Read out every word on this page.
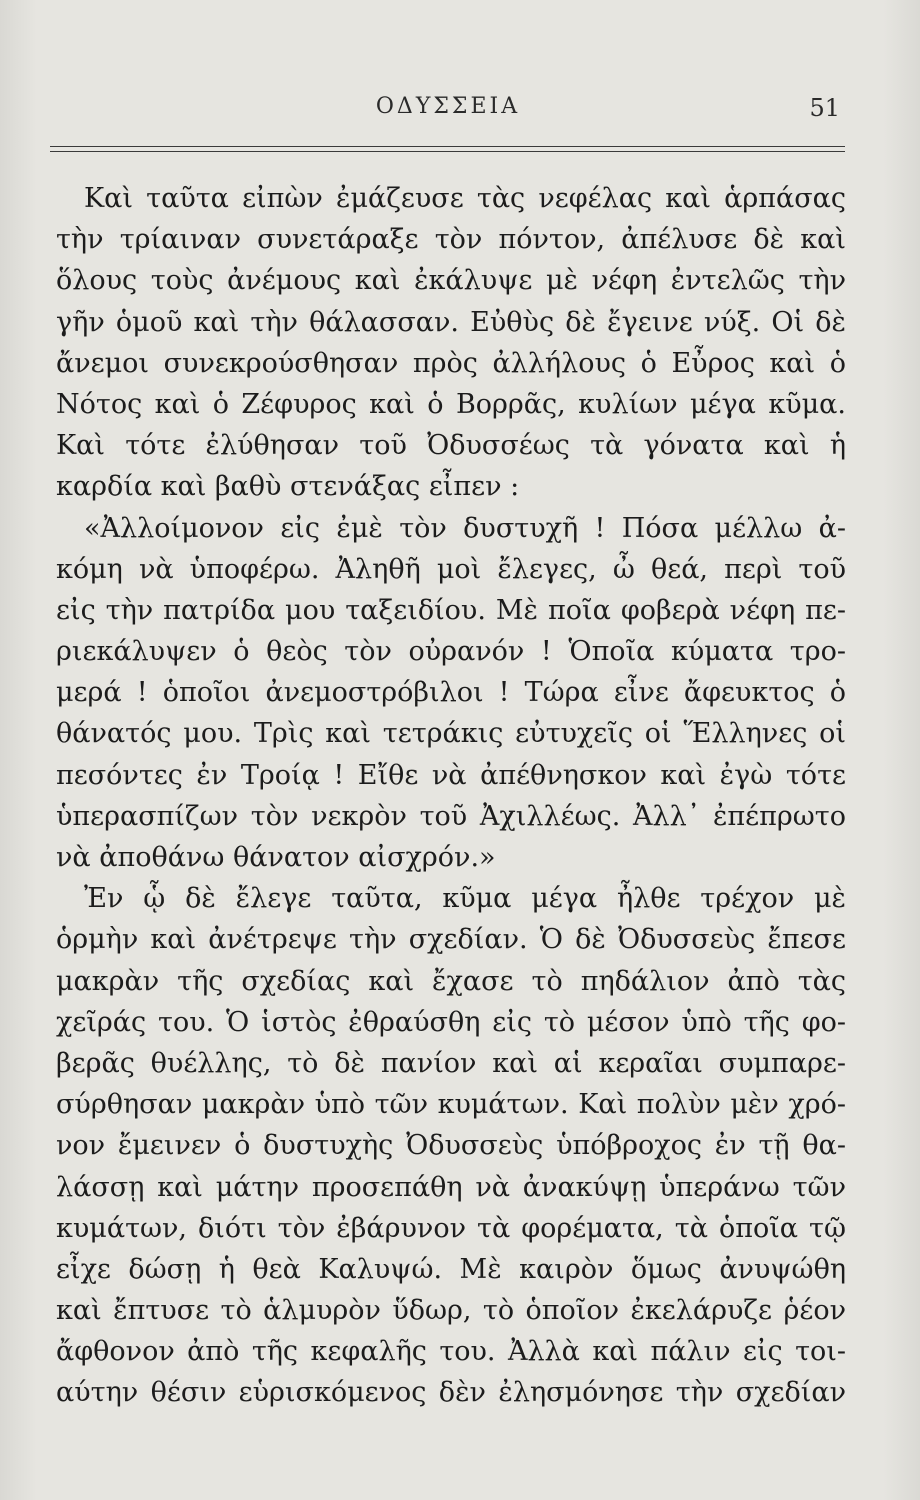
ΟΔΥΣΣΕΙΑ	51
Καὶ ταῦτα εἰπὼν ἐμάζευσε τὰς νεφέλας καὶ ἁρπάσας
τὴν τρίαιναν συνετάραξε τὸν πόντον, ἀπέλυσε δὲ καὶ
ὅλους τοὺς ἀνέμους καὶ ἐκάλυψε μὲ νέφη ἐντελῶς τὴν
γῆν ὁμοῦ καὶ τὴν θάλασσαν. Εὐθὺς δὲ ἔγεινε νύξ. Οἱ δὲ
ἄνεμοι συνεκρούσθησαν πρὸς ἀλλήλους ὁ Εὖρος καὶ ὁ
Νότος καὶ ὁ Ζέφυρος καὶ ὁ Βορρᾶς, κυλίων μέγα κῦμα.
Καὶ τότε ἐλύθησαν τοῦ Ὀδυσσέως τὰ γόνατα καὶ ἡ
καρδία καὶ βαθὺ στενάξας εἶπεν :
«Ἀλλοίμονον εἰς ἐμὲ τὸν δυστυχῆ ! Πόσα μέλλω ἀ-
κόμη νὰ ὑποφέρω. Ἀληθῆ μοὶ ἔλεγες, ὦ θεά, περὶ τοῦ
εἰς τὴν πατρίδα μου ταξειδίου. Μὲ ποῖα φοβερὰ νέφη πε-
ριεκάλυψεν ὁ θεὸς τὸν οὐρανόν ! Ὁποῖα κύματα τρο-
μερά ! ὁποῖοι ἀνεμοστρόβιλοι ! Τώρα εἶνε ἄφευκτος ὁ
θάνατός μου. Τρὶς καὶ τετράκις εὐτυχεῖς οἱ Ἕλληνες οἱ
πεσόντες ἐν Τροίᾳ ! Εἴθε νὰ ἀπέθνησκον καὶ ἐγὼ τότε
ὑπερασπίζων τὸν νεκρὸν τοῦ Ἀχιλλέως. Ἀλλ᾽ ἐπέπρωτο
νὰ ἀποθάνω θάνατον αἰσχρόν.»
Ἐν ᾧ δὲ ἔλεγε ταῦτα, κῦμα μέγα ἦλθε τρέχον μὲ
ὁρμὴν καὶ ἀνέτρεψε τὴν σχεδίαν. Ὁ δὲ Ὀδυσσεὺς ἔπεσε
μακρὰν τῆς σχεδίας καὶ ἔχασε τὸ πηδάλιον ἀπὸ τὰς
χεῖράς του. Ὁ ἱστὸς ἐθραύσθη εἰς τὸ μέσον ὑπὸ τῆς φο-
βερᾶς θυέλλης, τὸ δὲ πανίον καὶ αἱ κεραῖαι συμπαρε-
σύρθησαν μακρὰν ὑπὸ τῶν κυμάτων. Καὶ πολὺν μὲν χρό-
νον ἔμεινεν ὁ δυστυχὴς Ὀδυσσεὺς ὑπόβροχος ἐν τῇ θα-
λάσσῃ καὶ μάτην προσεπάθη νὰ ἀνακύψῃ ὑπεράνω τῶν
κυμάτων, διότι τὸν ἐβάρυνον τὰ φορέματα, τὰ ὁποῖα τῷ
εἶχε δώσῃ ἡ θεὰ Καλυψώ. Μὲ καιρὸν ὅμως ἀνυψώθη
καὶ ἔπτυσε τὸ ἁλμυρὸν ὕδωρ, τὸ ὁποῖον ἐκελάρυζε ῥέον
ἄφθονον ἀπὸ τῆς κεφαλῆς του. Ἀλλὰ καὶ πάλιν εἰς τοι-
αύτην θέσιν εὑρισκόμενος δὲν ἐλησμόνησε τὴν σχεδίαν
